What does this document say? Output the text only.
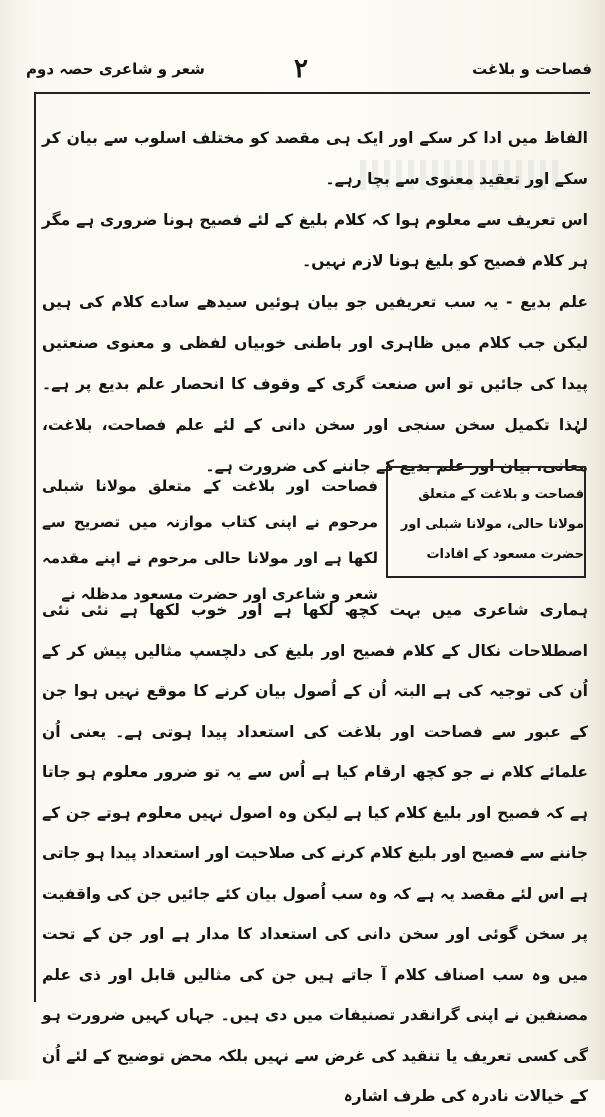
فصاحت و بلاغت
۲
شعر و شاعری حصہ دوم

الفاظ میں ادا کر سکے اور ایک ہی مقصد کو مختلف اسلوب سے بیان کر سکے اور تعقید معنوی سے بچا رہے۔

اس تعریف سے معلوم ہوا کہ کلام بلیغ کے لئے فصیح ہونا ضروری ہے مگر ہر کلام فصیح کو بلیغ ہونا لازم نہیں۔

علم بدیع - یہ سب تعریفیں جو بیان ہوئیں سیدھے سادے کلام کی ہیں لیکن جب کلام میں ظاہری اور باطنی خوبیاں لفظی و معنوی صنعتیں پیدا کی جائیں تو اس صنعت گری کے وقوف کا انحصار علم بدیع پر ہے۔ لہٰذا تکمیل سخن سنجی اور سخن دانی کے لئے علم فصاحت، بلاغت، معانی، بیان اور علم بدیع کے جاننے کی ضرورت ہے۔

فصاحت و بلاغت کے متعلق مولانا حالی، مولانا شبلی اور حضرت مسعود کے افادات
فصاحت اور بلاغت کے متعلق مولانا شبلی مرحوم نے اپنی کتاب موازنہ میں تصریح سے لکھا ہے اور مولانا حالی مرحوم نے اپنے مقدمہ شعر و شاعری اور حضرت مسعود مدظلہ نے

ہماری شاعری میں بہت کچھ لکھا ہے اور خوب لکھا ہے نئی نئی اصطلاحات نکال کے کلام فصیح اور بلیغ کی دلچسپ مثالیں پیش کر کے اُن کی توجیہ کی ہے البتہ اُن کے اُصول بیان کرنے کا موقع نہیں ہوا جن کے عبور سے فصاحت اور بلاغت کی استعداد پیدا ہوتی ہے۔ یعنی اُن علمائے کلام نے جو کچھ ارقام کیا ہے اُس سے یہ تو ضرور معلوم ہو جاتا ہے کہ فصیح اور بلیغ کلام کیا ہے لیکن وہ اصول نہیں معلوم ہوتے جن کے جاننے سے فصیح اور بلیغ کلام کرنے کی صلاحیت اور استعداد پیدا ہو جاتی ہے اس لئے مقصد یہ ہے کہ وہ سب اُصول بیان کئے جائیں جن کی واقفیت پر سخن گوئی اور سخن دانی کی استعداد کا مدار ہے اور جن کے تحت میں وہ سب اصناف کلام آ جاتے ہیں جن کی مثالیں قابل اور ذی علم مصنفین نے اپنی گرانقدر تصنیفات میں دی ہیں۔ جہاں کہیں ضرورت ہو گی کسی تعریف یا تنقید کی غرض سے نہیں بلکہ محض توضیح کے لئے اُن کے خیالات نادرہ کی طرف اشارہ
